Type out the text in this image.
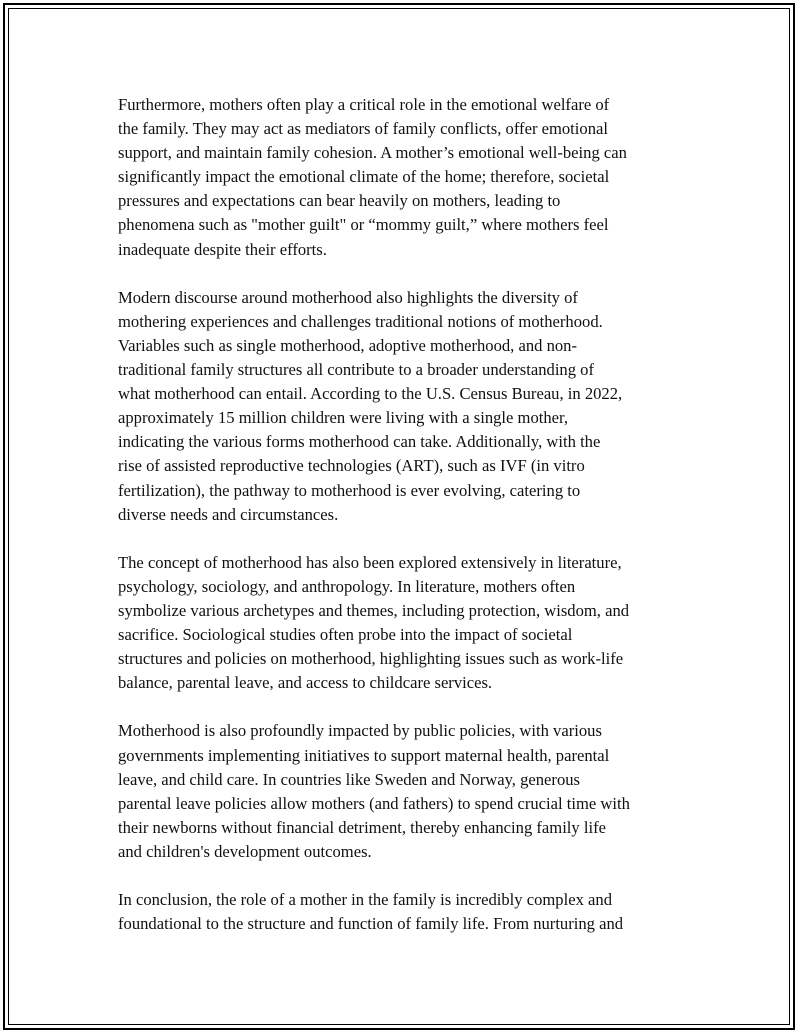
Furthermore, mothers often play a critical role in the emotional welfare of
the family. They may act as mediators of family conflicts, offer emotional
support, and maintain family cohesion. A mother’s emotional well-being can
significantly impact the emotional climate of the home; therefore, societal
pressures and expectations can bear heavily on mothers, leading to
phenomena such as "mother guilt" or “mommy guilt,” where mothers feel
inadequate despite their efforts.

Modern discourse around motherhood also highlights the diversity of
mothering experiences and challenges traditional notions of motherhood.
Variables such as single motherhood, adoptive motherhood, and non-
traditional family structures all contribute to a broader understanding of
what motherhood can entail. According to the U.S. Census Bureau, in 2022,
approximately 15 million children were living with a single mother,
indicating the various forms motherhood can take. Additionally, with the
rise of assisted reproductive technologies (ART), such as IVF (in vitro
fertilization), the pathway to motherhood is ever evolving, catering to
diverse needs and circumstances.

The concept of motherhood has also been explored extensively in literature,
psychology, sociology, and anthropology. In literature, mothers often
symbolize various archetypes and themes, including protection, wisdom, and
sacrifice. Sociological studies often probe into the impact of societal
structures and policies on motherhood, highlighting issues such as work-life
balance, parental leave, and access to childcare services.

Motherhood is also profoundly impacted by public policies, with various
governments implementing initiatives to support maternal health, parental
leave, and child care. In countries like Sweden and Norway, generous
parental leave policies allow mothers (and fathers) to spend crucial time with
their newborns without financial detriment, thereby enhancing family life
and children's development outcomes.

In conclusion, the role of a mother in the family is incredibly complex and
foundational to the structure and function of family life. From nurturing and
